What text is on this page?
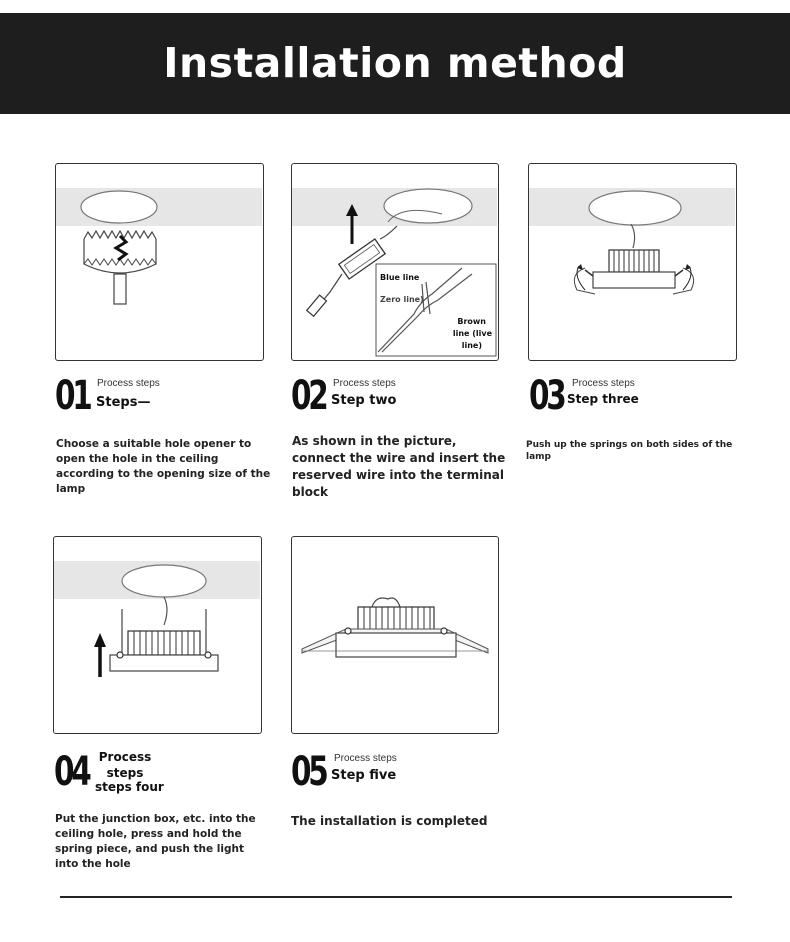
Installation method
Blue line
Zero line)
Brown
line (live
line)
01 Process steps
Steps—
Choose a suitable hole opener to open the hole in the ceiling according to the opening size of the lamp
02 Process steps
Step two
As shown in the picture, connect the wire and insert the reserved wire into the terminal block
03 Process steps
Step three
Push up the springs on both sides of the lamp
04 Process steps
steps four
Put the junction box, etc. into the ceiling hole, press and hold the spring piece, and push the light into the hole
05 Process steps
Step five
The installation is completed
